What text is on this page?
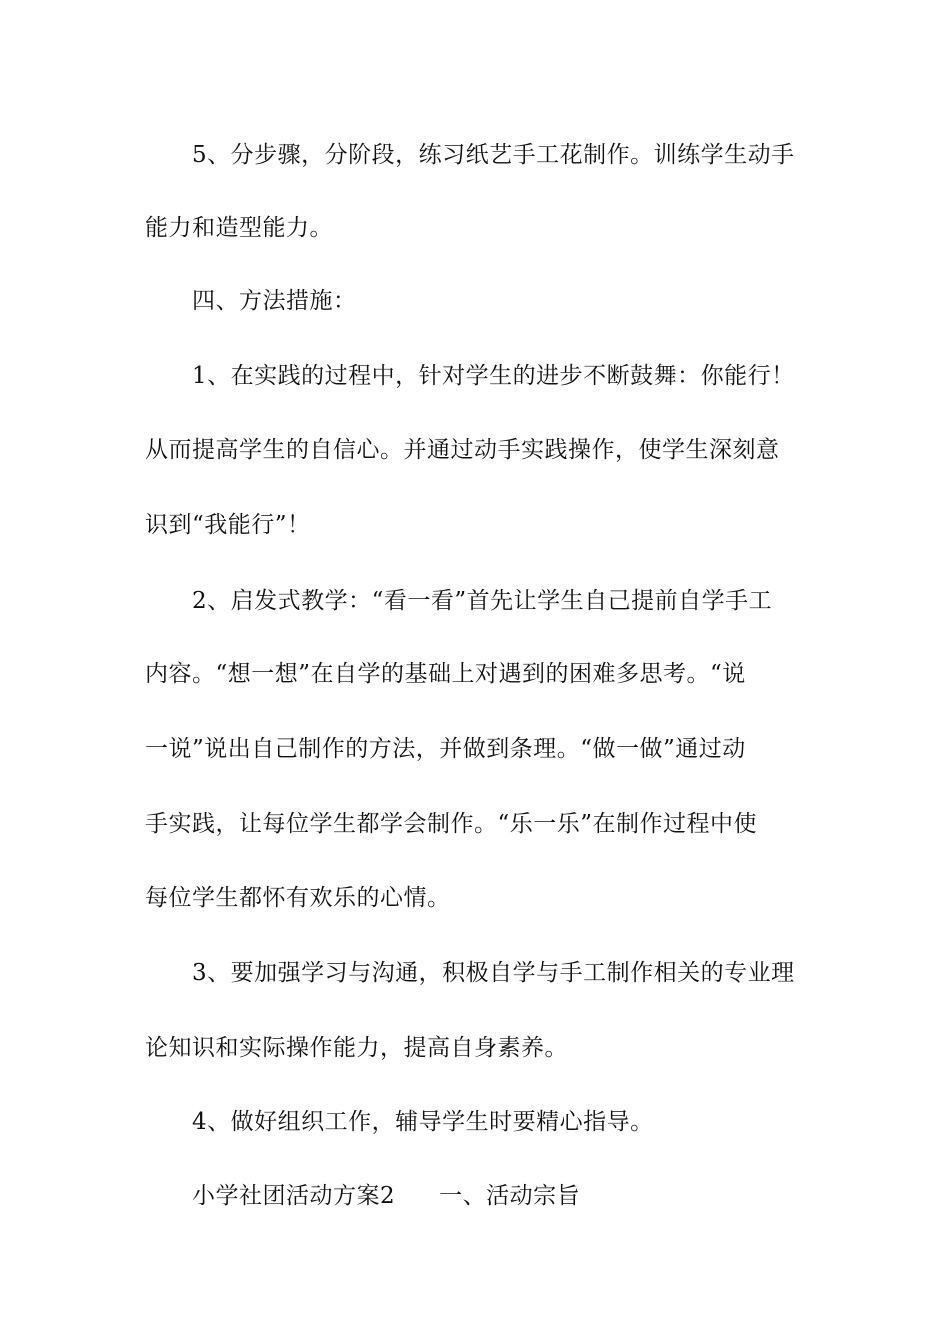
5、分步骤，分阶段，练习纸艺手工花制作。训练学生动手
能力和造型能力。
四、方法措施：
1、在实践的过程中，针对学生的进步不断鼓舞：你能行！
从而提高学生的自信心。并通过动手实践操作，使学生深刻意
识到“我能行”！
2、启发式教学：“看一看”首先让学生自己提前自学手工
内容。“想一想”在自学的基础上对遇到的困难多思考。“说
一说”说出自己制作的方法，并做到条理。“做一做”通过动
手实践，让每位学生都学会制作。“乐一乐”在制作过程中使
每位学生都怀有欢乐的心情。
3、要加强学习与沟通，积极自学与手工制作相关的专业理
论知识和实际操作能力，提高自身素养。
4、做好组织工作，辅导学生时要精心指导。
小学社团活动方案2 一、活动宗旨
